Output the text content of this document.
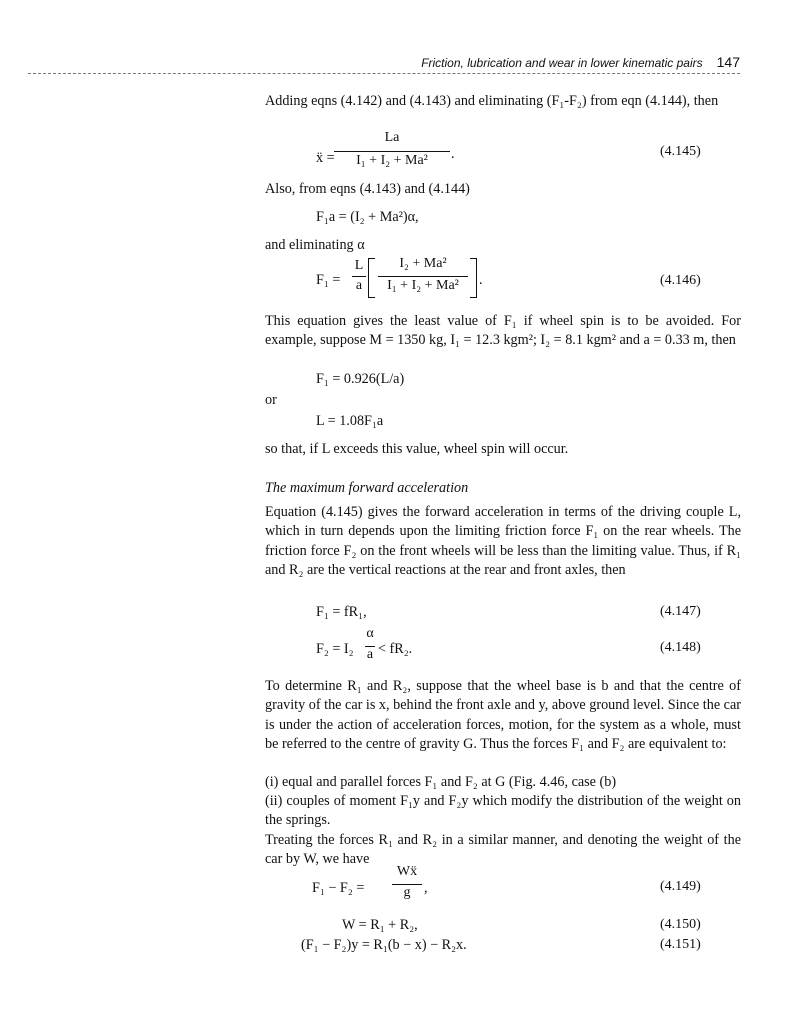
Friction, lubrication and wear in lower kinematic pairs 147
Adding eqns (4.142) and (4.143) and eliminating (F₁-F₂) from eqn (4.144), then
ẍ =
La
I₁ + I₂ + Ma²	.	(4.145)
Also, from eqns (4.143) and (4.144)
F₁a = (I₂ + Ma²)α,
and eliminating α
F₁ =
L
a
I₂ + Ma²
I₁ + I₂ + Ma²	.	(4.146)
This equation gives the least value of F₁ if wheel spin is to be avoided. For example, suppose M = 1350 kg, I₁ = 12.3 kgm²; I₂ = 8.1 kgm² and a = 0.33 m, then
F₁ = 0.926(L/a)
or
L = 1.08F₁a
so that, if L exceeds this value, wheel spin will occur.
The maximum forward acceleration
Equation (4.145) gives the forward acceleration in terms of the driving couple L, which in turn depends upon the limiting friction force F₁ on the rear wheels. The friction force F₂ on the front wheels will be less than the limiting value. Thus, if R₁ and R₂ are the vertical reactions at the rear and front axles, then
F₁ = fR₁,	(4.147)
F₂ = I₂
α
a < fR₂.	(4.148)
To determine R₁ and R₂, suppose that the wheel base is b and that the centre of gravity of the car is x, behind the front axle and y, above ground level. Since the car is under the action of acceleration forces, motion, for the system as a whole, must be referred to the centre of gravity G. Thus the forces F₁ and F₂ are equivalent to:
(i) equal and parallel forces F₁ and F₂ at G (Fig. 4.46, case (b)
(ii) couples of moment F₁y and F₂y which modify the distribution of the weight on the springs.
Treating the forces R₁ and R₂ in a similar manner, and denoting the weight of the car by W, we have
F₁ − F₂ =
Wẍ
g ,	(4.149)
W = R₁ + R₂,	(4.150)
(F₁ − F₂)y = R₁(b − x) − R₂x.	(4.151)
